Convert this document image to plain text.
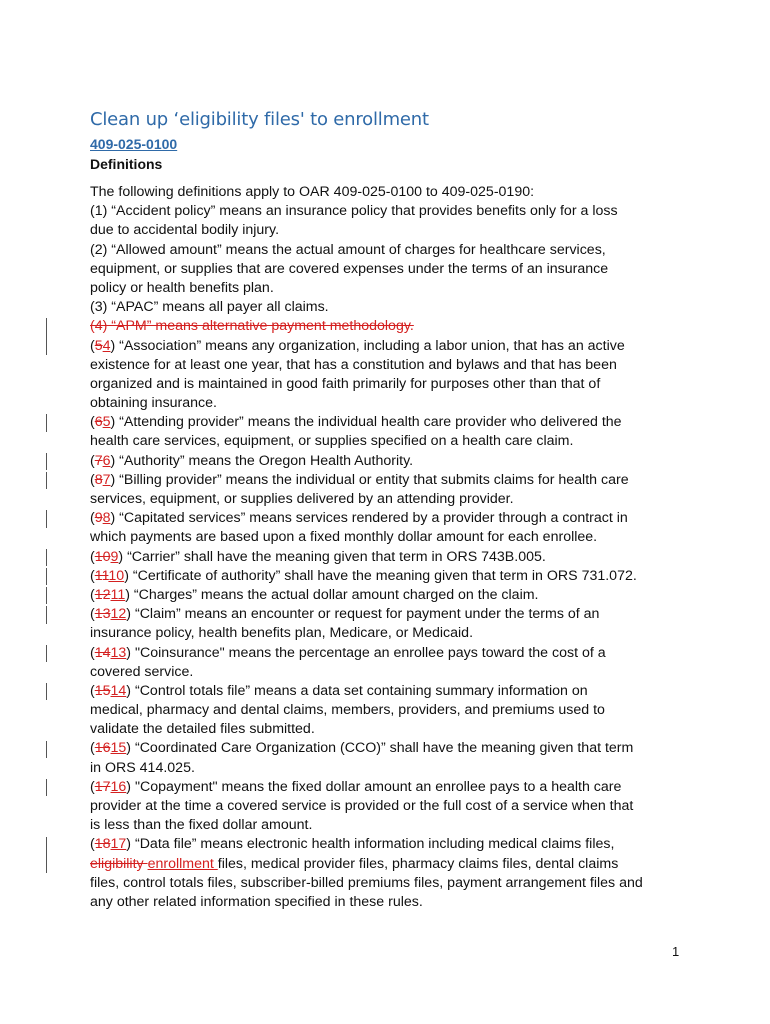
Clean up ‘eligibility files' to enrollment
409-025-0100
Definitions
The following definitions apply to OAR 409-025-0100 to 409-025-0190:
(1) “Accident policy” means an insurance policy that provides benefits only for a loss
due to accidental bodily injury.
(2) “Allowed amount” means the actual amount of charges for healthcare services,
equipment, or supplies that are covered expenses under the terms of an insurance
policy or health benefits plan.
(3) “APAC” means all payer all claims.
(4) “APM” means alternative payment methodology.
(54) “Association” means any organization, including a labor union, that has an active
existence for at least one year, that has a constitution and bylaws and that has been
organized and is maintained in good faith primarily for purposes other than that of
obtaining insurance.
(65) “Attending provider” means the individual health care provider who delivered the
health care services, equipment, or supplies specified on a health care claim.
(76) “Authority” means the Oregon Health Authority.
(87) “Billing provider” means the individual or entity that submits claims for health care
services, equipment, or supplies delivered by an attending provider.
(98) “Capitated services” means services rendered by a provider through a contract in
which payments are based upon a fixed monthly dollar amount for each enrollee.
(109) “Carrier” shall have the meaning given that term in ORS 743B.005.
(1110) “Certificate of authority” shall have the meaning given that term in ORS 731.072.
(1211) “Charges” means the actual dollar amount charged on the claim.
(1312) “Claim” means an encounter or request for payment under the terms of an
insurance policy, health benefits plan, Medicare, or Medicaid.
(1413) "Coinsurance" means the percentage an enrollee pays toward the cost of a
covered service.
(1514) “Control totals file” means a data set containing summary information on
medical, pharmacy and dental claims, members, providers, and premiums used to
validate the detailed files submitted.
(1615) “Coordinated Care Organization (CCO)” shall have the meaning given that term
in ORS 414.025.
(1716) "Copayment" means the fixed dollar amount an enrollee pays to a health care
provider at the time a covered service is provided or the full cost of a service when that
is less than the fixed dollar amount.
(1817) “Data file” means electronic health information including medical claims files,
eligibility enrollment files, medical provider files, pharmacy claims files, dental claims
files, control totals files, subscriber-billed premiums files, payment arrangement files and
any other related information specified in these rules.
1
